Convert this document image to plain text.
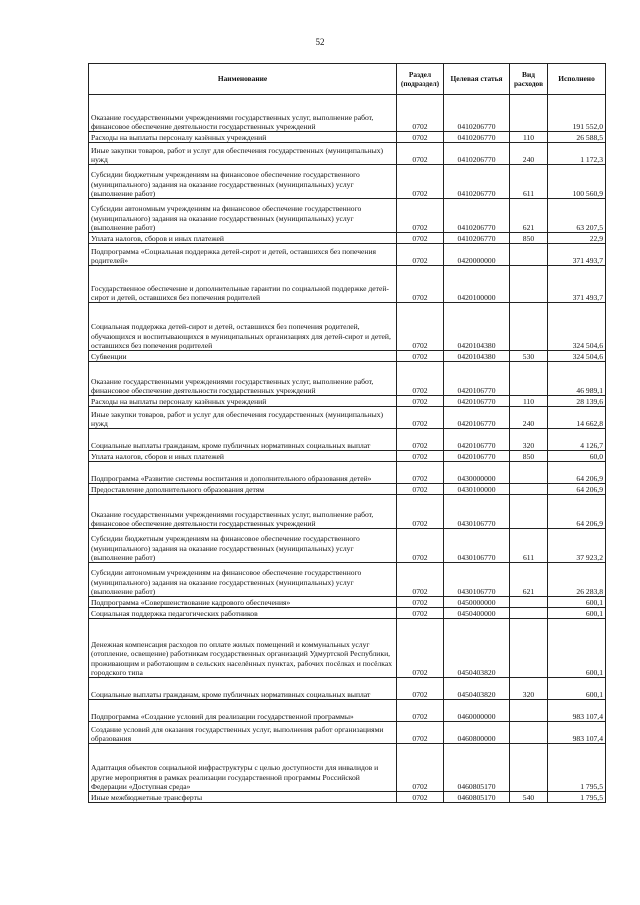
52
Наименование	Раздел (подраздел)	Целевая статья	Вид расходов	Исполнено
Оказание государственными учреждениями государственных услуг, выполнение работ, финансовое обеспечение деятельности государственных учреждений	0702	0410206770		191 552,0
Расходы на выплаты персоналу казённых учреждений	0702	0410206770	110	26 588,5
Иные закупки товаров, работ и услуг для обеспечения государственных (муниципальных) нужд	0702	0410206770	240	1 172,3
Субсидии бюджетным учреждениям на финансовое обеспечение государственного (муниципального) задания на оказание государственных (муниципальных) услуг (выполнение работ)	0702	0410206770	611	100 560,9
Субсидии автономным учреждениям на финансовое обеспечение государственного (муниципального) задания на оказание государственных (муниципальных) услуг (выполнение работ)	0702	0410206770	621	63 207,5
Уплата налогов, сборов и иных платежей	0702	0410206770	850	22,9
Подпрограмма «Социальная поддержка детей-сирот и детей, оставшихся без попечения родителей»	0702	0420000000		371 493,7
Государственное обеспечение и дополнительные гарантии по социальной поддержке детей-сирот и детей, оставшихся без попечения родителей	0702	0420100000		371 493,7
Социальная поддержка детей-сирот и детей, оставшихся без попечения родителей, обучающихся и воспитывающихся в муниципальных организациях для детей-сирот и детей, оставшихся без попечения родителей	0702	0420104380		324 504,6
Субвенции	0702	0420104380	530	324 504,6
Оказание государственными учреждениями государственных услуг, выполнение работ, финансовое обеспечение деятельности государственных учреждений	0702	0420106770		46 989,1
Расходы на выплаты персоналу казённых учреждений	0702	0420106770	110	28 139,6
Иные закупки товаров, работ и услуг для обеспечения государственных (муниципальных) нужд	0702	0420106770	240	14 662,8
Социальные выплаты гражданам, кроме публичных нормативных социальных выплат	0702	0420106770	320	4 126,7
Уплата налогов, сборов и иных платежей	0702	0420106770	850	60,0
Подпрограмма «Развитие системы воспитания и дополнительного образования детей»	0702	0430000000		64 206,9
Предоставление дополнительного образования детям	0702	0430100000		64 206,9
Оказание государственными учреждениями государственных услуг, выполнение работ, финансовое обеспечение деятельности государственных учреждений	0702	0430106770		64 206,9
Субсидии бюджетным учреждениям на финансовое обеспечение государственного (муниципального) задания на оказание государственных (муниципальных) услуг (выполнение работ)	0702	0430106770	611	37 923,2
Субсидии автономным учреждениям на финансовое обеспечение государственного (муниципального) задания на оказание государственных (муниципальных) услуг (выполнение работ)	0702	0430106770	621	26 283,8
Подпрограмма «Совершенствование кадрового обеспечения»	0702	0450000000		600,1
Социальная поддержка педагогических работников	0702	0450400000		600,1
Денежная компенсация расходов по оплате жилых помещений и коммунальных услуг (отопление, освещение) работникам государственных организаций Удмуртской Республики, проживающим и работающим в сельских населённых пунктах, рабочих посёлках и посёлках городского типа	0702	0450403820		600,1
Социальные выплаты гражданам, кроме публичных нормативных социальных выплат	0702	0450403820	320	600,1
Подпрограмма «Создание условий для реализации государственной программы»	0702	0460000000		983 107,4
Создание условий для оказания государственных услуг, выполнения работ организациями образования	0702	0460800000		983 107,4
Адаптация объектов социальной инфраструктуры с целью доступности для инвалидов и другие мероприятия в рамках реализации государственной программы Российской Федерации «Доступная среда»	0702	0460805170		1 795,5
Иные межбюджетные трансферты	0702	0460805170	540	1 795,5
